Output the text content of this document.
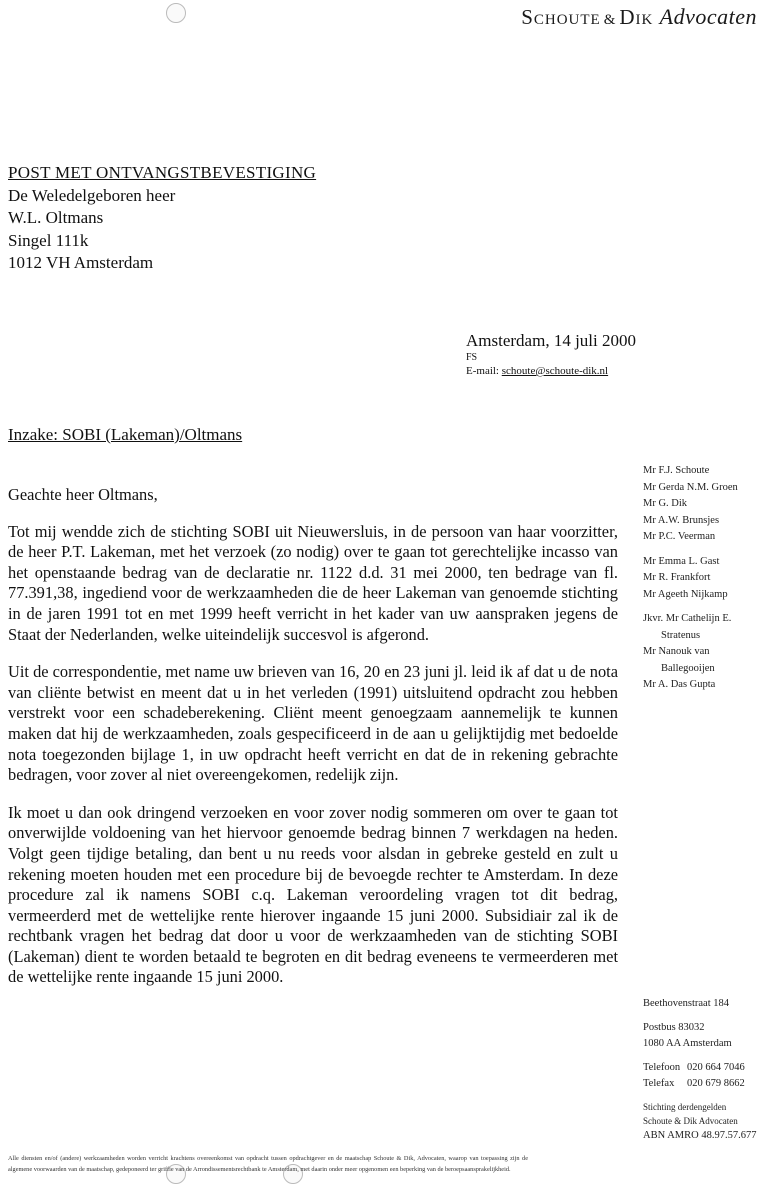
Schoute & Dik Advocaten
POST MET ONTVANGSTBEVESTIGING
De Weledelgeboren heer
W.L. Oltmans
Singel 111k
1012 VH Amsterdam
Amsterdam, 14 juli 2000
FS
E-mail: schoute@schoute-dik.nl
Inzake: SOBI (Lakeman)/Oltmans

Geachte heer Oltmans,

Tot mij wendde zich de stichting SOBI uit Nieuwersluis, in de persoon van haar voorzitter, de heer P.T. Lakeman, met het verzoek (zo nodig) over te gaan tot gerechtelijke incasso van het openstaande bedrag van de declaratie nr. 1122 d.d. 31 mei 2000, ten bedrage van fl. 77.391,38, ingediend voor de werkzaamheden die de heer Lakeman van genoemde stichting in de jaren 1991 tot en met 1999 heeft verricht in het kader van uw aanspraken jegens de Staat der Nederlanden, welke uiteindelijk succesvol is afgerond.

Uit de correspondentie, met name uw brieven van 16, 20 en 23 juni jl. leid ik af dat u de nota van cliënte betwist en meent dat u in het verleden (1991) uitsluitend opdracht zou hebben verstrekt voor een schadeberekening. Cliënt meent genoegzaam aannemelijk te kunnen maken dat hij de werkzaamheden, zoals gespecificeerd in de aan u gelijktijdig met bedoelde nota toegezonden bijlage 1, in uw opdracht heeft verricht en dat de in rekening gebrachte bedragen, voor zover al niet overeengekomen, redelijk zijn.

Ik moet u dan ook dringend verzoeken en voor zover nodig sommeren om over te gaan tot onverwijlde voldoening van het hiervoor genoemde bedrag binnen 7 werkdagen na heden. Volgt geen tijdige betaling, dan bent u nu reeds voor alsdan in gebreke gesteld en zult u rekening moeten houden met een procedure bij de bevoegde rechter te Amsterdam. In deze procedure zal ik namens SOBI c.q. Lakeman veroordeling vragen tot dit bedrag, vermeerderd met de wettelijke rente hierover ingaande 15 juni 2000. Subsidiair zal ik de rechtbank vragen het bedrag dat door u voor de werkzaamheden van de stichting SOBI (Lakeman) dient te worden betaald te begroten en dit bedrag eveneens te vermeerderen met de wettelijke rente ingaande 15 juni 2000.

Mr F.J. Schoute
Mr Gerda N.M. Groen
Mr G. Dik
Mr A.W. Brunsjes
Mr P.C. Veerman
Mr Emma L. Gast
Mr R. Frankfort
Mr Ageeth Nijkamp
Jkvr. Mr Cathelijn E.
Stratenus
Mr Nanouk van
Ballegooijen
Mr A. Das Gupta
Beethovenstraat 184
Postbus 83032
1080 AA Amsterdam
Telefoon 020 664 7046
Telefax	020 679 8662
Stichting derdengelden
Schoute & Dik Advocaten
ABN AMRO 48.97.57.677
Alle diensten en/of (andere) werkzaamheden worden verricht krachtens overeenkomst van opdracht tussen opdrachtgever en de maatschap Schoute & Dik, Advocaten, waarop van toepassing zijn de algemene voorwaarden van de maatschap, gedeponeerd ter griffie van de Arrondissementsrechtbank te Amsterdam, met daarin onder meer opgenomen een beperking van de beroepsaansprakelijkheid.
